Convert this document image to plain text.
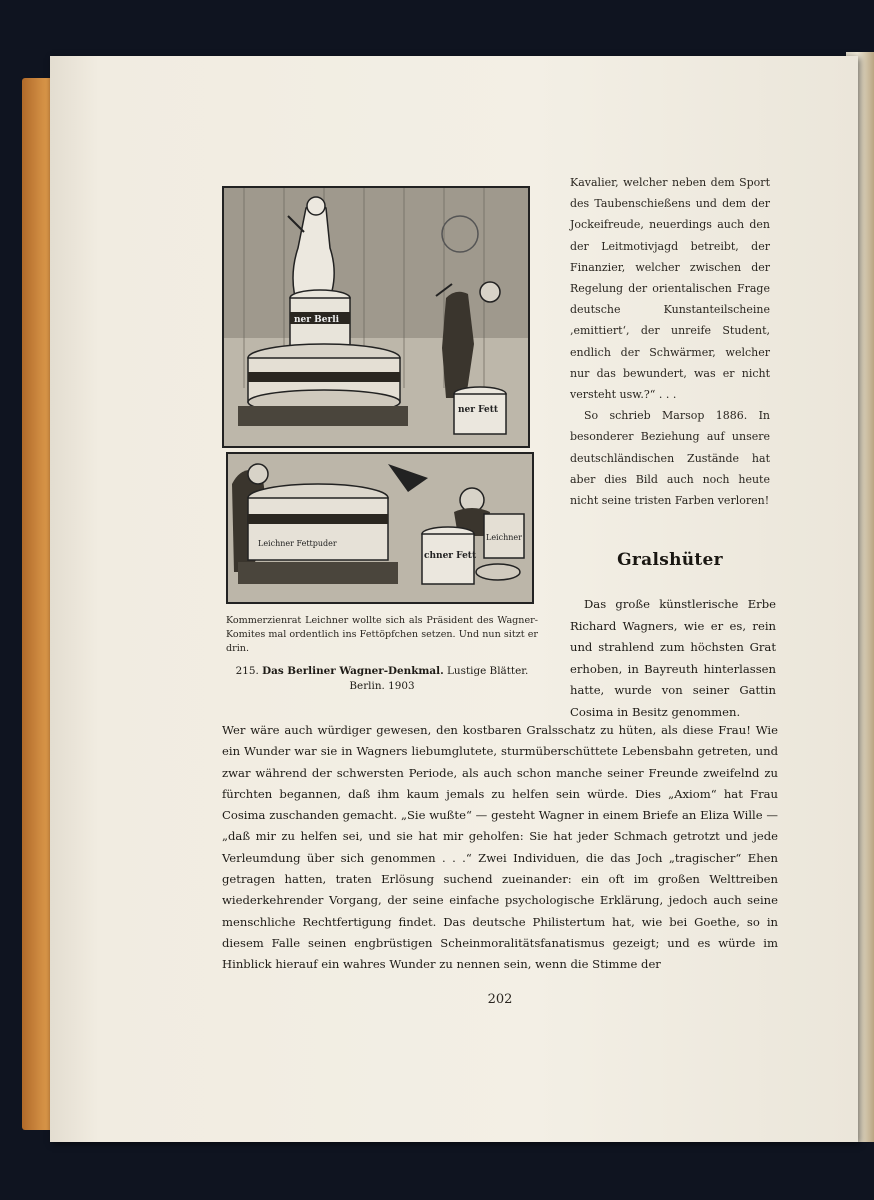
ner Berli
ner Fett
Leichner Fettpuder
chner Fett
Leichner
Kommerzienrat Leichner wollte sich als Präsident des Wagner-Komites mal ordentlich ins Fettöpfchen setzen. Und nun sitzt er drin.
215. Das Berliner Wagner-Denkmal. Lustige Blätter. Berlin. 1903

Kavalier, welcher neben dem Sport des Taubenschießens und dem der Jockeifreude, neuerdings auch den der Leitmotivjagd betreibt, der Finanzier, welcher zwischen der Regelung der orientalischen Frage deutsche Kunstanteilscheine ‚emittiert‘, der unreife Student, endlich der Schwärmer, welcher nur das bewundert, was er nicht versteht usw.?“ . . .

So schrieb Marsop 1886. In besonderer Beziehung auf unsere deutschländischen Zustände hat aber dies Bild auch noch heute nicht seine tristen Farben verloren!

Gralshüter

Das große künstlerische Erbe Richard Wagners, wie er es, rein und strahlend zum höchsten Grat erhoben, in Bayreuth hinterlassen hatte, wurde von seiner Gattin Cosima in Besitz genommen.

Wer wäre auch würdiger gewesen, den kostbaren Gralsschatz zu hüten, als diese Frau! Wie ein Wunder war sie in Wagners liebumglutete, sturmüberschüttete Lebensbahn getreten, und zwar während der schwersten Periode, als auch schon manche seiner Freunde zweifelnd zu fürchten begannen, daß ihm kaum jemals zu helfen sein würde. Dies „Axiom“ hat Frau Cosima zuschanden gemacht. „Sie wußte“ — gesteht Wagner in einem Briefe an Eliza Wille — „daß mir zu helfen sei, und sie hat mir geholfen: Sie hat jeder Schmach getrotzt und jede Verleumdung über sich genommen . . .“ Zwei Individuen, die das Joch „tragischer“ Ehen getragen hatten, traten Erlösung suchend zueinander: ein oft im großen Welttreiben wiederkehrender Vorgang, der seine einfache psychologische Erklärung, jedoch auch seine menschliche Rechtfertigung findet. Das deutsche Philistertum hat, wie bei Goethe, so in diesem Falle seinen engbrüstigen Scheinmoralitätsfanatismus gezeigt; und es würde im Hinblick hierauf ein wahres Wunder zu nennen sein, wenn die Stimme der

202
